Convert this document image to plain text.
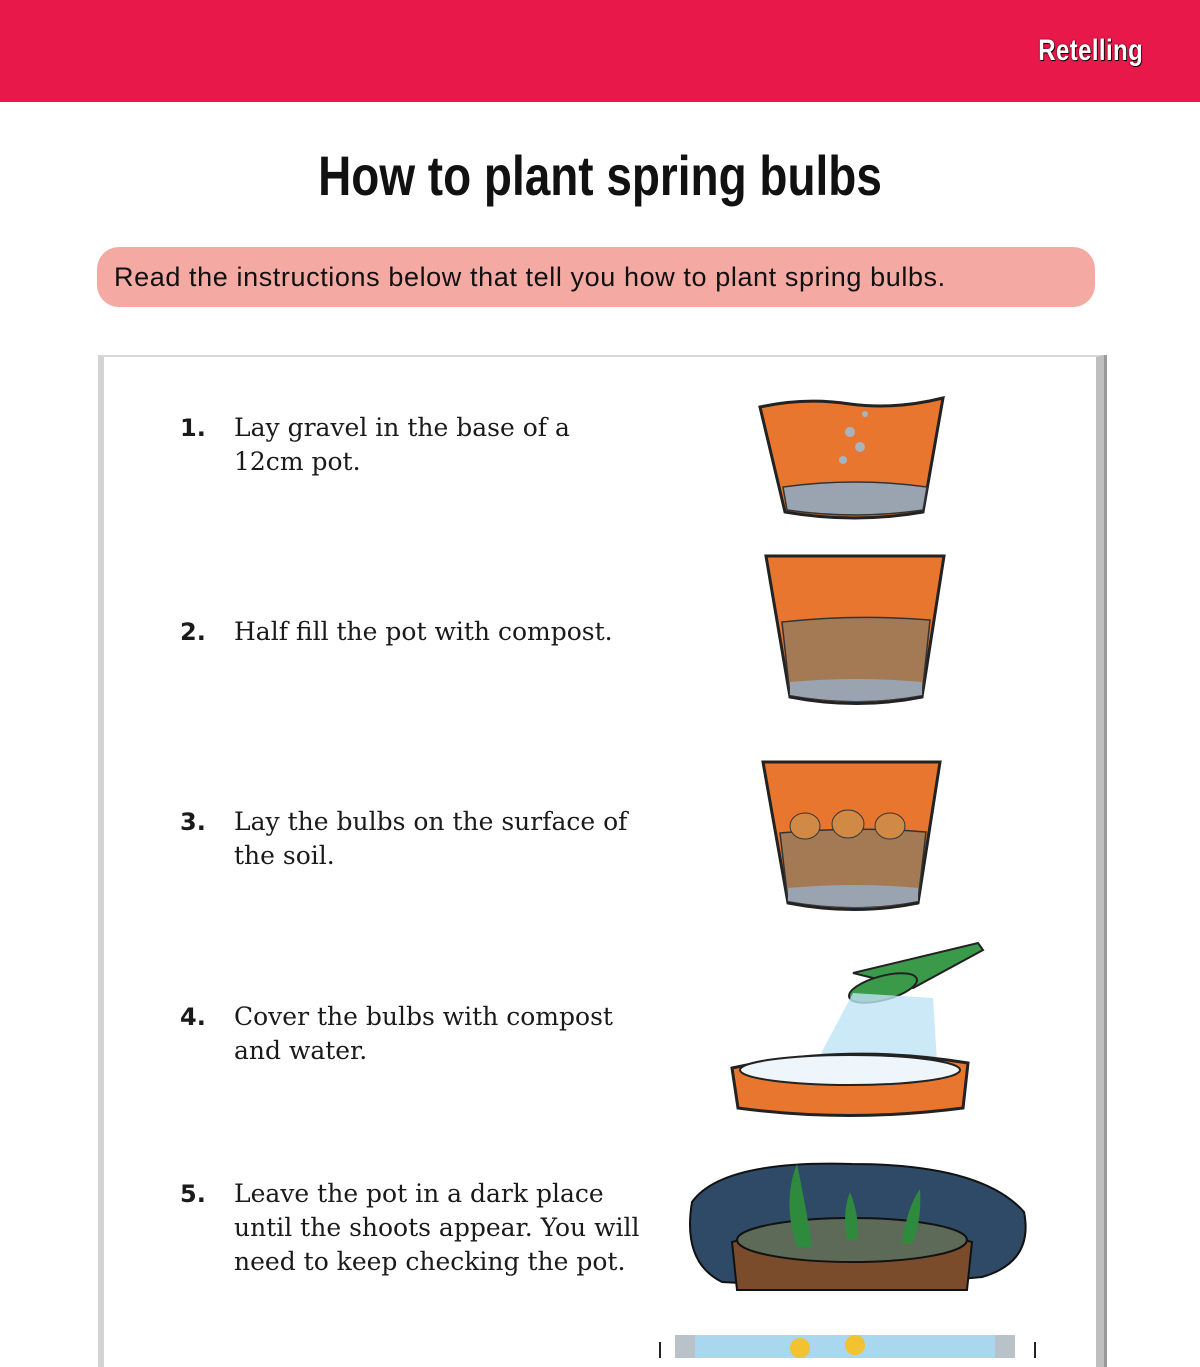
Retelling
How to plant spring bulbs
Read the instructions below that tell you how to plant spring bulbs.
1. Lay gravel in the base of a 12cm pot.
2. Half fill the pot with compost.
3. Lay the bulbs on the surface of the soil.
4. Cover the bulbs with compost and water.
5. Leave the pot in a dark place until the shoots appear. You will need to keep checking the pot.
